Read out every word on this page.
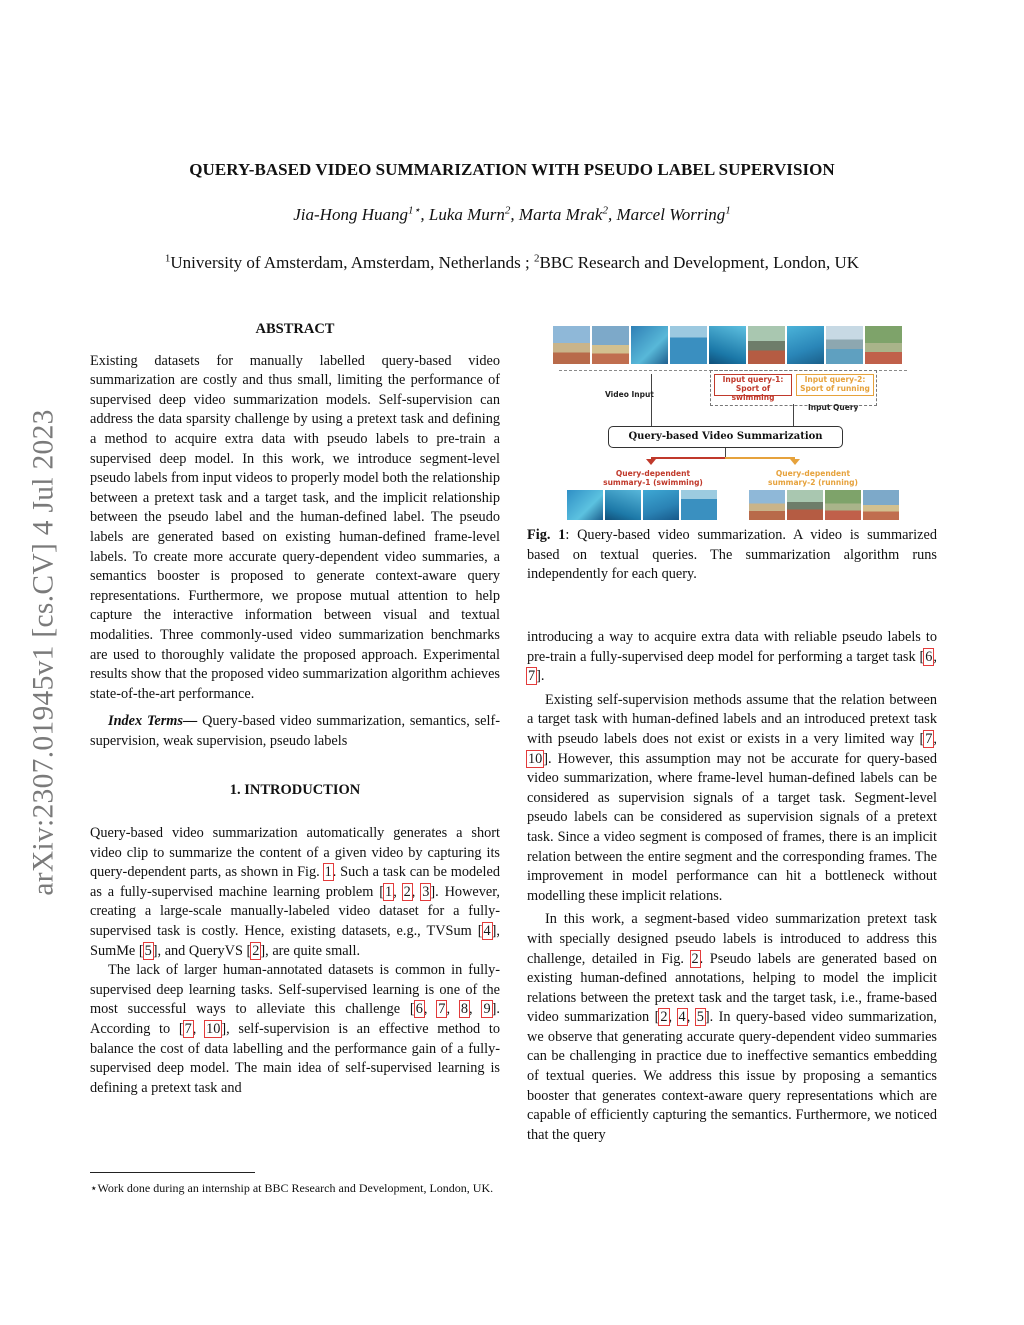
arXiv:2307.01945v1 [cs.CV] 4 Jul 2023
QUERY-BASED VIDEO SUMMARIZATION WITH PSEUDO LABEL SUPERVISION
Jia-Hong Huang$^{1⋆}$, Luka Murn$^2$, Marta Mrak$^2$, Marcel Worring$^1$
$^1$University of Amsterdam, Amsterdam, Netherlands ; $^2$BBC Research and Development, London, UK

ABSTRACT

Existing datasets for manually labelled query-based video summarization are costly and thus small, limiting the performance of supervised deep video summarization models. Self-supervision can address the data sparsity challenge by using a pretext task and defining a method to acquire extra data with pseudo labels to pre-train a supervised deep model. In this work, we introduce segment-level pseudo labels from input videos to properly model both the relationship between a pretext task and a target task, and the implicit relationship between the pseudo label and the human-defined label. The pseudo labels are generated based on existing human-defined frame-level labels. To create more accurate query-dependent video summaries, a semantics booster is proposed to generate context-aware query representations. Furthermore, we propose mutual attention to help capture the interactive information between visual and textual modalities. Three commonly-used video summarization benchmarks are used to thoroughly validate the proposed approach. Experimental results show that the proposed video summarization algorithm achieves state-of-the-art performance.

Index Terms— Query-based video summarization, semantics, self-supervision, weak supervision, pseudo labels

1. INTRODUCTION

Query-based video summarization automatically generates a short video clip to summarize the content of a given video by capturing its query-dependent parts, as shown in Fig. 1. Such a task can be modeled as a fully-supervised machine learning problem [1, 2, 3]. However, creating a large-scale manually-labeled video dataset for a fully-supervised task is costly. Hence, existing datasets, e.g., TVSum [4], SumMe [5], and QueryVS [2], are quite small.

The lack of larger human-annotated datasets is common in fully-supervised deep learning tasks. Self-supervised learning is one of the most successful ways to alleviate this challenge [6, 7, 8, 9]. According to [7, 10], self-supervision is an effective method to balance the cost of data labelling and the performance gain of a fully-supervised deep model. The main idea of self-supervised learning is defining a pretext task and

⋆Work done during an internship at BBC Research and Development, London, UK.
Video Input
Input query-1:
Sport of swimming
Input query-2:
Sport of running
Input Query
Query-based Video Summarization
Query-dependent
summary-1 (swimming)
Query-dependent
summary-2 (running)
Fig. 1: Query-based video summarization. A video is summarized based on textual queries. The summarization algorithm runs independently for each query.

introducing a way to acquire extra data with reliable pseudo labels to pre-train a fully-supervised deep model for performing a target task [6, 7].

Existing self-supervision methods assume that the relation between a target task with human-defined labels and an introduced pretext task with pseudo labels does not exist or exists in a very limited way [7, 10]. However, this assumption may not be accurate for query-based video summarization, where frame-level human-defined labels can be considered as supervision signals of a target task. Segment-level pseudo labels can be considered as supervision signals of a pretext task. Since a video segment is composed of frames, there is an implicit relation between the entire segment and the corresponding frames. The improvement in model performance can hit a bottleneck without modelling these implicit relations.

In this work, a segment-based video summarization pretext task with specially designed pseudo labels is introduced to address this challenge, detailed in Fig. 2. Pseudo labels are generated based on existing human-defined annotations, helping to model the implicit relations between the pretext task and the target task, i.e., frame-based video summarization [2, 4, 5]. In query-based video summarization, we observe that generating accurate query-dependent video summaries can be challenging in practice due to ineffective semantics embedding of textual queries. We address this issue by proposing a semantics booster that generates context-aware query representations which are capable of efficiently capturing the semantics. Furthermore, we noticed that the query
